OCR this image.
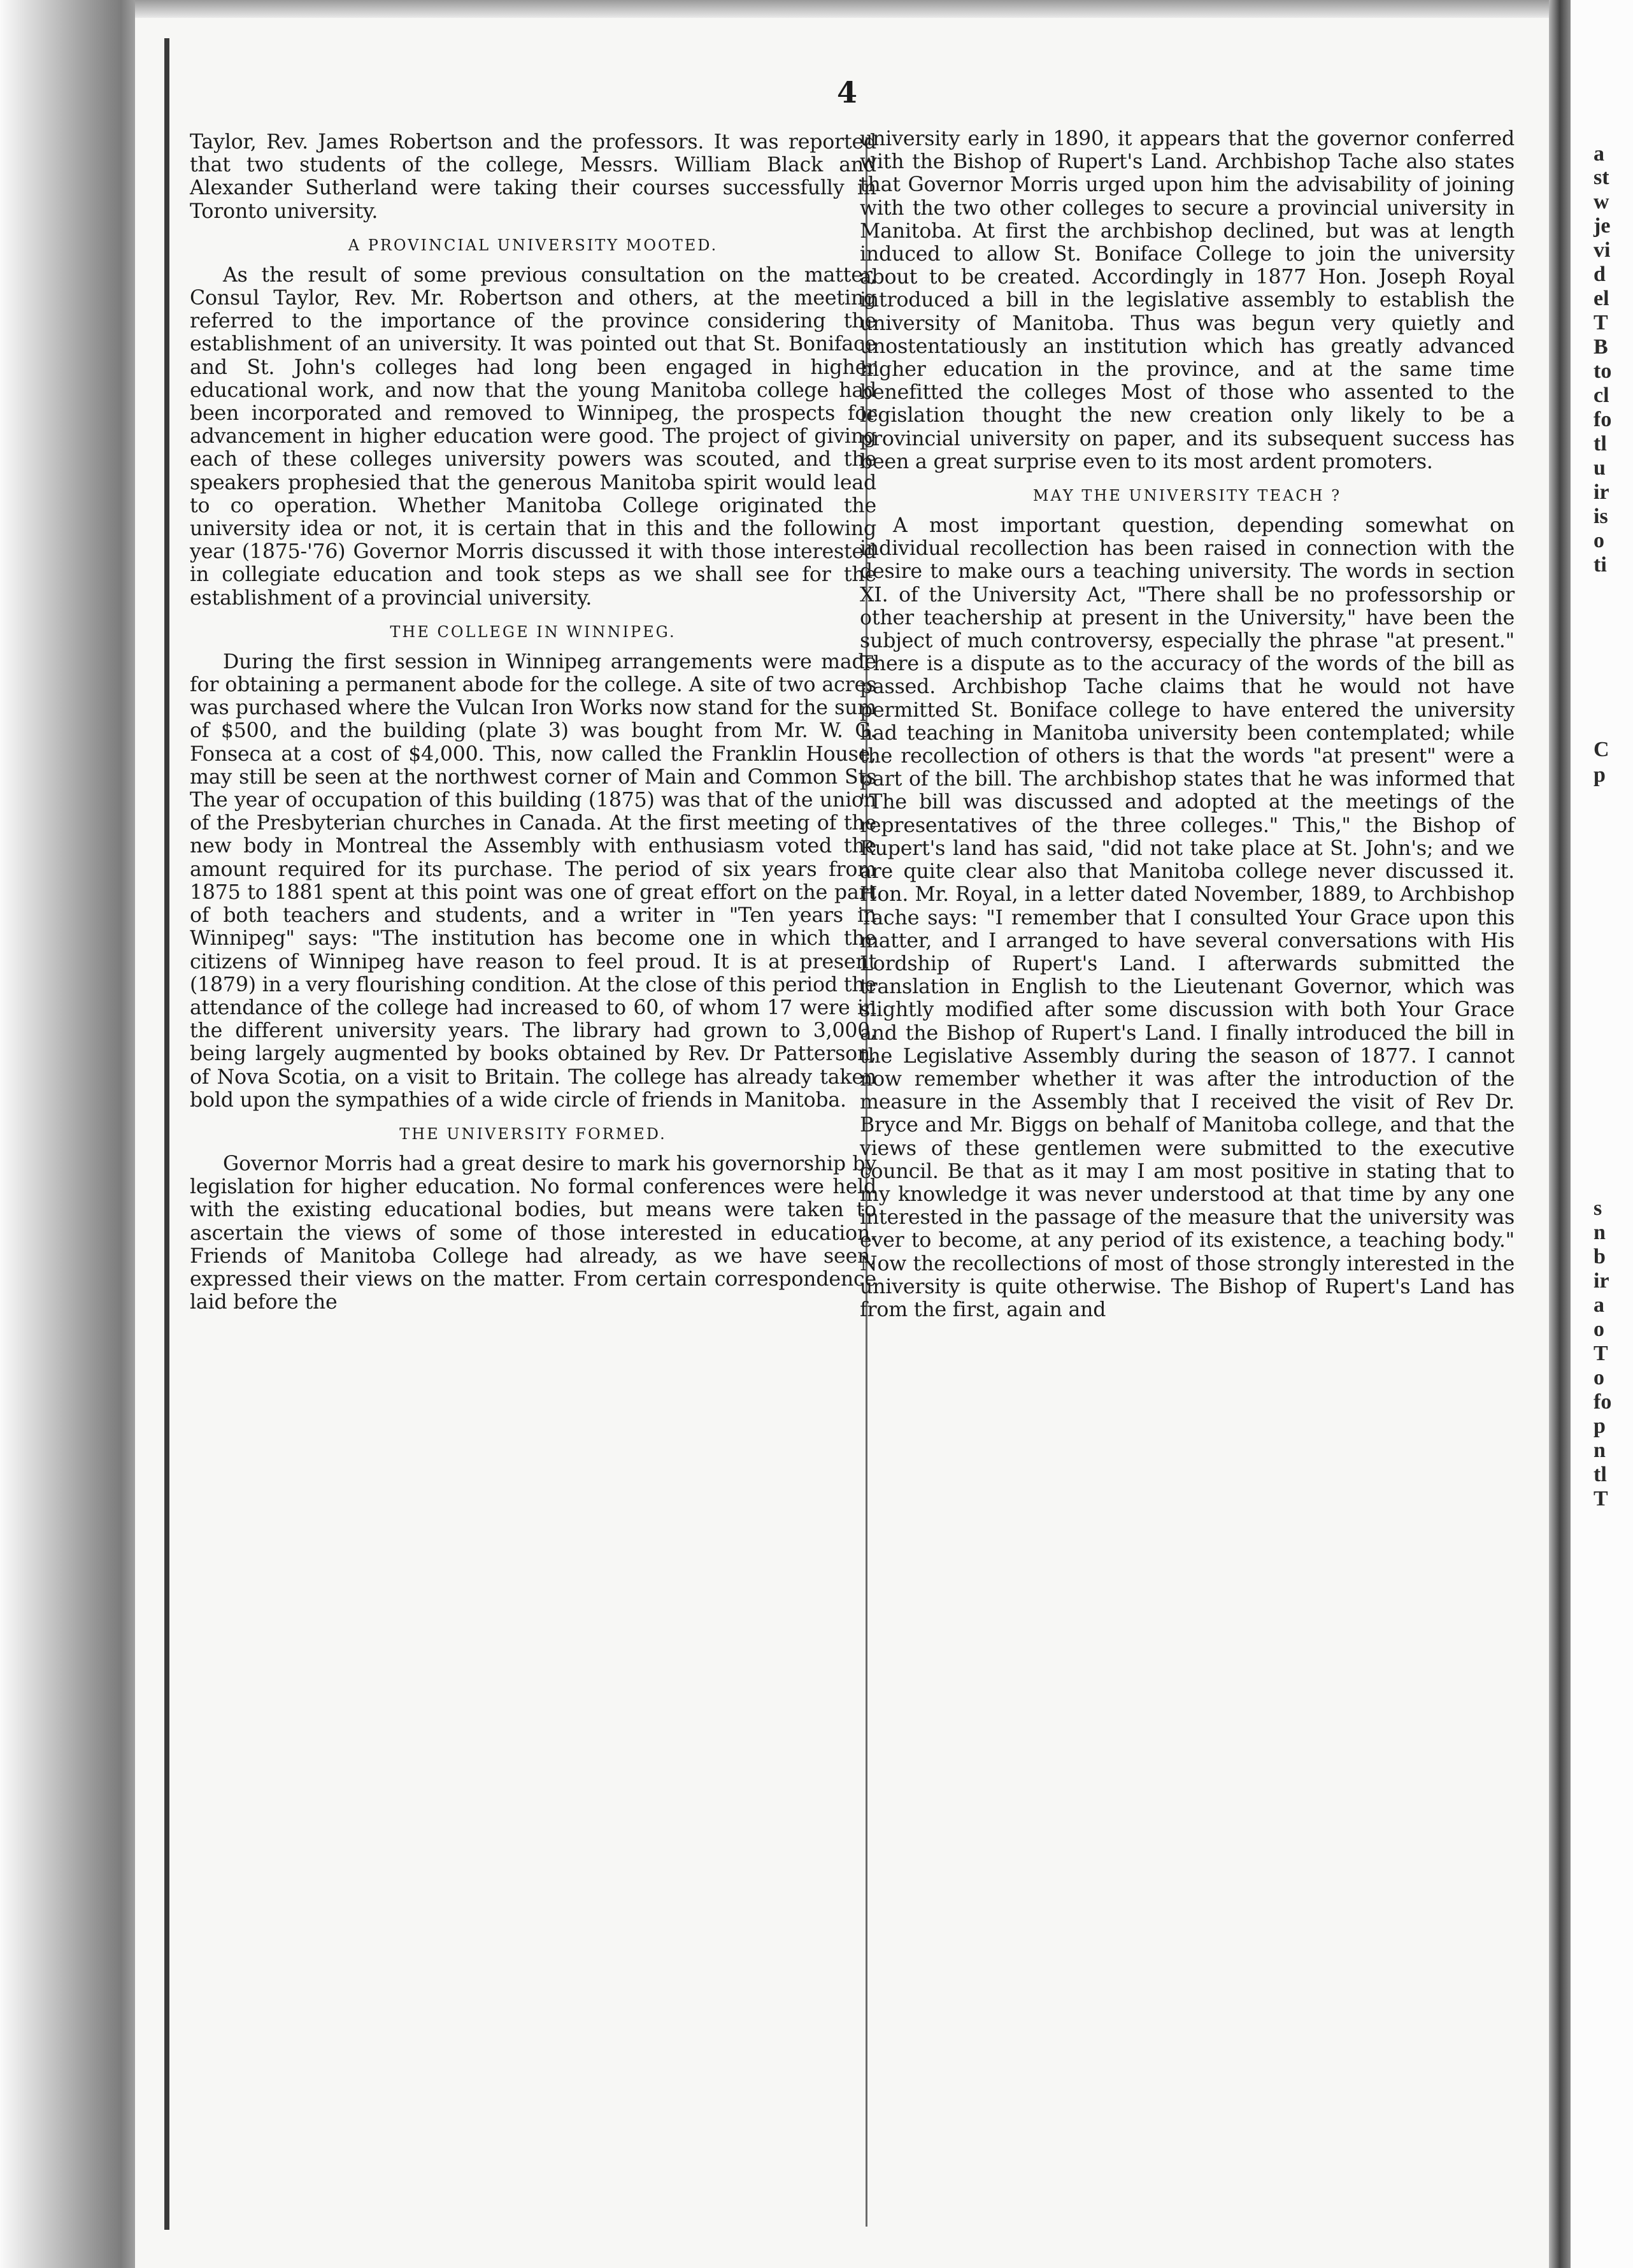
4

Taylor, Rev. James Robertson and the professors. It was reported that two students of the college, Messrs. William Black and Alexander Sutherland were taking their courses successfully in Toronto university.

A PROVINCIAL UNIVERSITY MOOTED.

As the result of some previous consultation on the matter, Consul Taylor, Rev. Mr. Robertson and others, at the meeting referred to the importance of the province considering the establishment of an university. It was pointed out that St. Boniface and St. John's colleges had long been engaged in higher educational work, and now that the young Manitoba college had been incorporated and removed to Winnipeg, the prospects for advancement in higher education were good. The project of giving each of these colleges university powers was scouted, and the speakers prophesied that the generous Manitoba spirit would lead to co operation. Whether Manitoba College originated the university idea or not, it is certain that in this and the following year (1875-'76) Governor Morris discussed it with those interested in collegiate education and took steps as we shall see for the establishment of a provincial university.

THE COLLEGE IN WINNIPEG.

During the first session in Winnipeg arrangements were made for obtaining a permanent abode for the college. A site of two acres was purchased where the Vulcan Iron Works now stand for the sum of $500, and the building (plate 3) was bought from Mr. W. G. Fonseca at a cost of $4,000. This, now called the Franklin House, may still be seen at the northwest corner of Main and Common Sts The year of occupation of this building (1875) was that of the union of the Presbyterian churches in Canada. At the first meeting of the new body in Montreal the Assembly with enthusiasm voted the amount required for its purchase. The period of six years from 1875 to 1881 spent at this point was one of great effort on the part of both teachers and students, and a writer in "Ten years in Winnipeg" says: "The institution has become one in which the citizens of Winnipeg have reason to feel proud. It is at present (1879) in a very flourishing condition. At the close of this period the attendance of the college had increased to 60, of whom 17 were in the different university years. The library had grown to 3,000, being largely augmented by books obtained by Rev. Dr Patterson, of Nova Scotia, on a visit to Britain. The college has already taken bold upon the sympathies of a wide circle of friends in Manitoba.

THE UNIVERSITY FORMED.

Governor Morris had a great desire to mark his governorship by legislation for higher education. No formal conferences were held with the existing educational bodies, but means were taken to ascertain the views of some of those interested in education. Friends of Manitoba College had already, as we have seen, expressed their views on the matter. From certain correspondence laid before the

university early in 1890, it appears that the governor conferred with the Bishop of Rupert's Land. Archbishop Tache also states that Governor Morris urged upon him the advisability of joining with the two other colleges to secure a provincial university in Manitoba. At first the archbishop declined, but was at length induced to allow St. Boniface College to join the university about to be created. Accordingly in 1877 Hon. Joseph Royal introduced a bill in the legislative assembly to establish the university of Manitoba. Thus was begun very quietly and unostentatiously an institution which has greatly advanced higher education in the province, and at the same time benefitted the colleges Most of those who assented to the legislation thought the new creation only likely to be a provincial university on paper, and its subsequent success has been a great surprise even to its most ardent promoters.

MAY THE UNIVERSITY TEACH ?

A most important question, depending somewhat on individual recollection has been raised in connection with the desire to make ours a teaching university. The words in section XI. of the University Act, "There shall be no professorship or other teachership at present in the University," have been the subject of much controversy, especially the phrase "at present." There is a dispute as to the accuracy of the words of the bill as passed. Archbishop Tache claims that he would not have permitted St. Boniface college to have entered the university had teaching in Manitoba university been contemplated; while the recollection of others is that the words "at present" were a part of the bill. The archbishop states that he was informed that "The bill was discussed and adopted at the meetings of the representatives of the three colleges." This," the Bishop of Rupert's land has said, "did not take place at St. John's; and we are quite clear also that Manitoba college never discussed it. Hon. Mr. Royal, in a letter dated November, 1889, to Archbishop Tache says: "I remember that I consulted Your Grace upon this matter, and I arranged to have several conversations with His Lordship of Rupert's Land. I afterwards submitted the translation in English to the Lieutenant Governor, which was slightly modified after some discussion with both Your Grace and the Bishop of Rupert's Land. I finally introduced the bill in the Legislative Assembly during the season of 1877. I cannot now remember whether it was after the introduction of the measure in the Assembly that I received the visit of Rev Dr. Bryce and Mr. Biggs on behalf of Manitoba college, and that the views of these gentlemen were submitted to the executive council. Be that as it may I am most positive in stating that to my knowledge it was never understood at that time by any one interested in the passage of the measure that the university was ever to become, at any period of its existence, a teaching body." Now the recollections of most of those strongly interested in the university is quite otherwise. The Bishop of Rupert's Land has from the first, again and

a
st
w
je
vi
d
el
T
B
to
cl
fo
tl
u
ir
is
o
ti
C
p
s
n
b
ir
a
o
T
o
fo
p
n
tl
T
